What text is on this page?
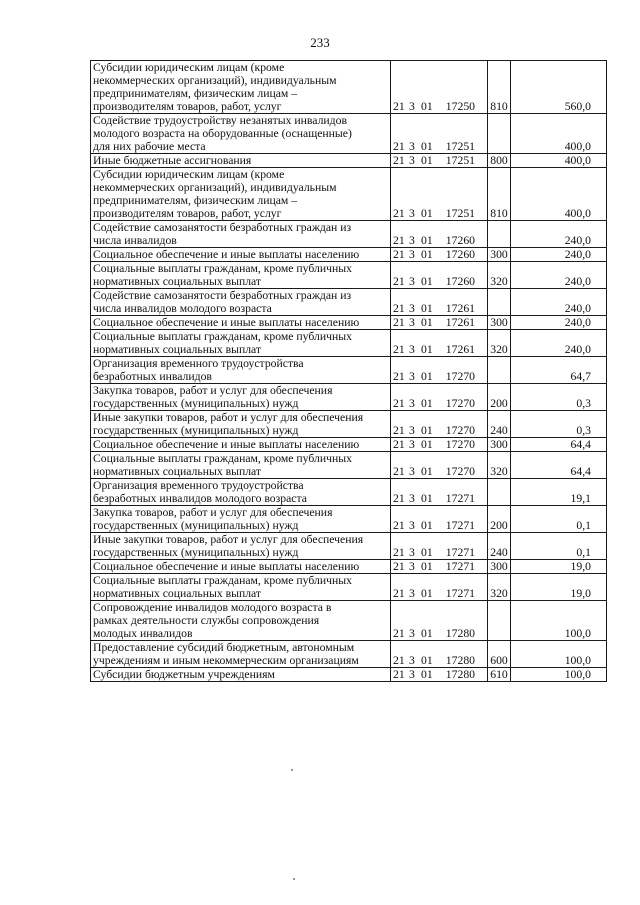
233
Субсидии юридическим лицам (кроме
некоммерческих организаций), индивидуальным
предпринимателям, физическим лицам –
производителям товаров, работ, услуг	21 3 01 17250	810	560,0

Содействие трудоустройству незанятых инвалидов
молодого возраста на оборудованные (оснащенные)
для них рабочие места	21 3 01 17251		400,0

Иные бюджетные ассигнования	21 3 01 17251	800	400,0

Субсидии юридическим лицам (кроме
некоммерческих организаций), индивидуальным
предпринимателям, физическим лицам –
производителям товаров, работ, услуг	21 3 01 17251	810	400,0

Содействие самозанятости безработных граждан из
числа инвалидов	21 3 01 17260		240,0

Социальное обеспечение и иные выплаты населению	21 3 01 17260	300	240,0

Социальные выплаты гражданам, кроме публичных
нормативных социальных выплат	21 3 01 17260	320	240,0

Содействие самозанятости безработных граждан из
числа инвалидов молодого возраста	21 3 01 17261		240,0

Социальное обеспечение и иные выплаты населению	21 3 01 17261	300	240,0

Социальные выплаты гражданам, кроме публичных
нормативных социальных выплат	21 3 01 17261	320	240,0

Организация временного трудоустройства
безработных инвалидов	21 3 01 17270		64,7

Закупка товаров, работ и услуг для обеспечения
государственных (муниципальных) нужд	21 3 01 17270	200	0,3

Иные закупки товаров, работ и услуг для обеспечения
государственных (муниципальных) нужд	21 3 01 17270	240	0,3

Социальное обеспечение и иные выплаты населению	21 3 01 17270	300	64,4

Социальные выплаты гражданам, кроме публичных
нормативных социальных выплат	21 3 01 17270	320	64,4

Организация временного трудоустройства
безработных инвалидов молодого возраста	21 3 01 17271		19,1

Закупка товаров, работ и услуг для обеспечения
государственных (муниципальных) нужд	21 3 01 17271	200	0,1

Иные закупки товаров, работ и услуг для обеспечения
государственных (муниципальных) нужд	21 3 01 17271	240	0,1

Социальное обеспечение и иные выплаты населению	21 3 01 17271	300	19,0

Социальные выплаты гражданам, кроме публичных
нормативных социальных выплат	21 3 01 17271	320	19,0

Сопровождение инвалидов молодого возраста в
рамках деятельности службы сопровождения
молодых инвалидов	21 3 01 17280		100,0

Предоставление субсидий бюджетным, автономным
учреждениям и иным некоммерческим организациям	21 3 01 17280	600	100,0

Субсидии бюджетным учреждениям	21 3 01 17280	610	100,0
